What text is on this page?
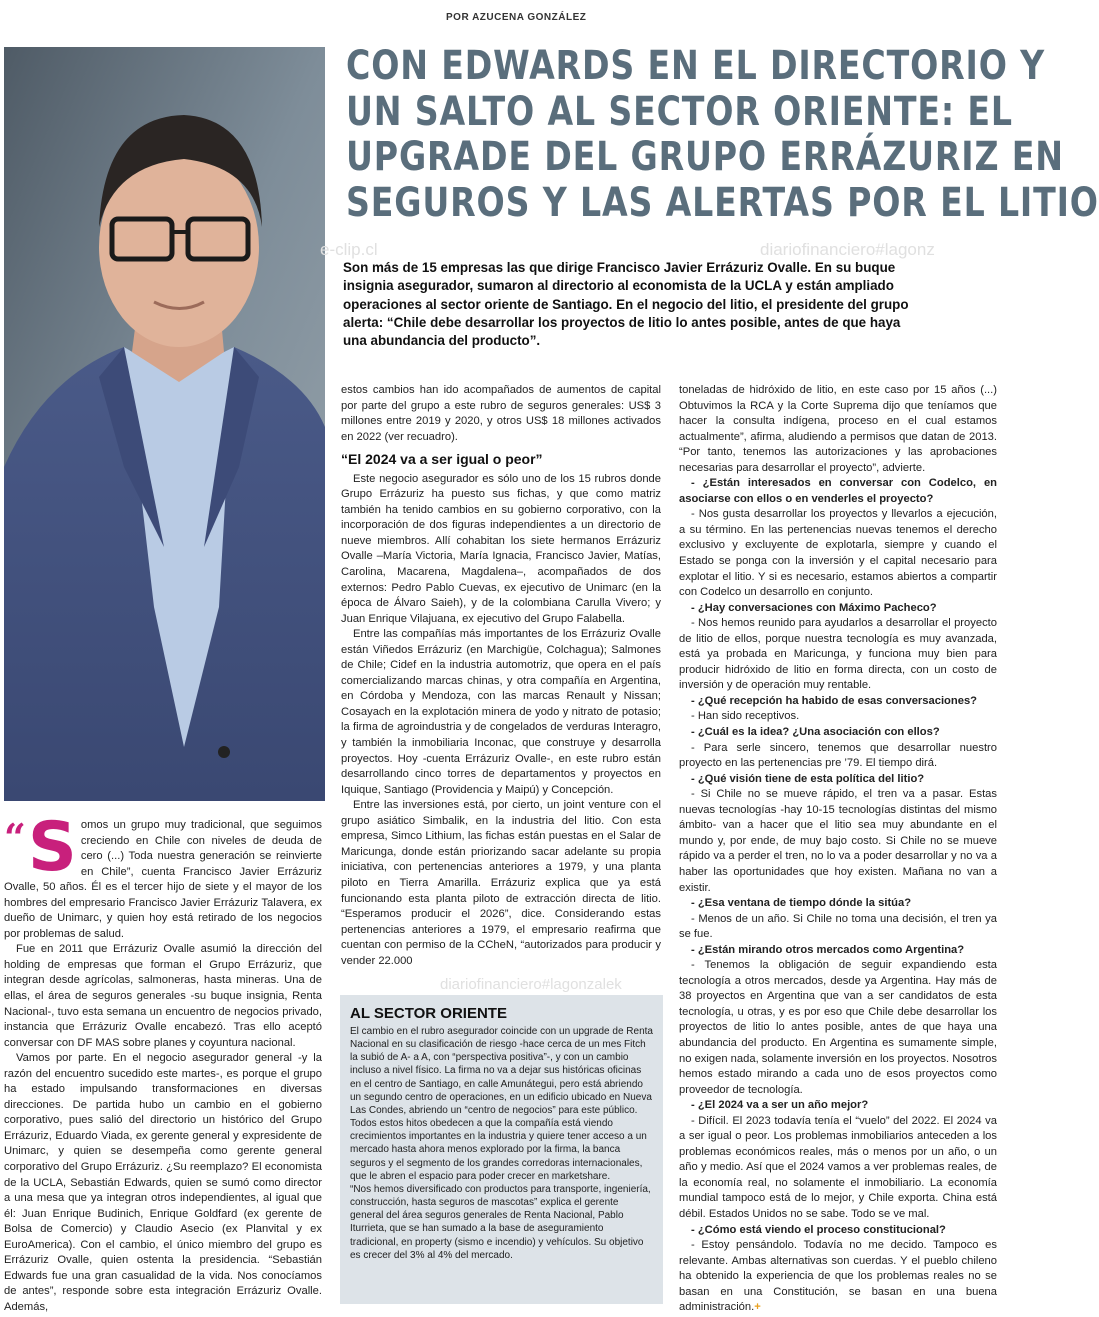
POR AZUCENA GONZÁLEZ
CON EDWARDS EN EL DIRECTORIO Y
UN SALTO AL SECTOR ORIENTE: EL
UPGRADE DEL GRUPO ERRÁZURIZ EN
SEGUROS Y LAS ALERTAS POR EL LITIO
e-clip.cl	diariofinanciero#lagonz
diariofinanciero#lagonzalek
Son más de 15 empresas las que dirige Francisco Javier Errázuriz Ovalle. En su buque insignia asegurador, sumaron al directorio al economista de la UCLA y están ampliado operaciones al sector oriente de Santiago. En el negocio del litio, el presidente del grupo alerta: “Chile debe desarrollar los proyectos de litio lo antes posible, antes de que haya una abundancia del producto”.

“ S omos un grupo muy tradicional, que seguimos creciendo en Chile con niveles de deuda de cero (...) Toda nuestra generación se reinvierte en Chile”, cuenta Francisco Javier Errázuriz Ovalle, 50 años. Él es el tercer hijo de siete y el mayor de los hombres del empresario Francisco Javier Errázuriz Talavera, ex dueño de Unimarc, y quien hoy está retirado de los negocios por problemas de salud.

Fue en 2011 que Errázuriz Ovalle asumió la dirección del holding de empresas que forman el Grupo Errázuriz, que integran desde agrícolas, salmoneras, hasta mineras. Una de ellas, el área de seguros generales -su buque insignia, Renta Nacional-, tuvo esta semana un encuentro de negocios privado, instancia que Errázuriz Ovalle encabezó. Tras ello aceptó conversar con DF MAS sobre planes y coyuntura nacional.

Vamos por parte. En el negocio asegurador general -y la razón del encuentro sucedido este martes-, es porque el grupo ha estado impulsando transformaciones en diversas direcciones. De partida hubo un cambio en el gobierno corporativo, pues salió del directorio un histórico del Grupo Errázuriz, Eduardo Viada, ex gerente general y expresidente de Unimarc, y quien se desempeña como gerente general corporativo del Grupo Errázuriz. ¿Su reemplazo? El economista de la UCLA, Sebastián Edwards, quien se sumó como director a una mesa que ya integran otros independientes, al igual que él: Juan Enrique Budinich, Enrique Goldfard (ex gerente de Bolsa de Comercio) y Claudio Asecio (ex Planvital y ex EuroAmerica). Con el cambio, el único miembro del grupo es Errázuriz Ovalle, quien ostenta la presidencia. “Sebastián Edwards fue una gran casualidad de la vida. Nos conocíamos de antes”, responde sobre esta integración Errázuriz Ovalle. Además,

estos cambios han ido acompañados de aumentos de capital por parte del grupo a este rubro de seguros generales: US$ 3 millones entre 2019 y 2020, y otros US$ 18 millones activados en 2022 (ver recuadro).

“El 2024 va a ser igual o peor”

Este negocio asegurador es sólo uno de los 15 rubros donde Grupo Errázuriz ha puesto sus fichas, y que como matriz también ha tenido cambios en su gobierno corporativo, con la incorporación de dos figuras independientes a un directorio de nueve miembros. Allí cohabitan los siete hermanos Errázuriz Ovalle –María Victoria, María Ignacia, Francisco Javier, Matías, Carolina, Macarena, Magdalena–, acompañados de dos externos: Pedro Pablo Cuevas, ex ejecutivo de Unimarc (en la época de Álvaro Saieh), y de la colombiana Carulla Vivero; y Juan Enrique Vilajuana, ex ejecutivo del Grupo Falabella.

Entre las compañías más importantes de los Errázuriz Ovalle están Viñedos Errázuriz (en Marchigüe, Colchagua); Salmones de Chile; Cidef en la industria automotriz, que opera en el país comercializando marcas chinas, y otra compañía en Argentina, en Córdoba y Mendoza, con las marcas Renault y Nissan; Cosayach en la explotación minera de yodo y nitrato de potasio; la firma de agroindustria y de congelados de verduras Interagro, y también la inmobiliaria Inconac, que construye y desarrolla proyectos. Hoy -cuenta Errázuriz Ovalle-, en este rubro están desarrollando cinco torres de departamentos y proyectos en Iquique, Santiago (Providencia y Maipú) y Concepción.

Entre las inversiones está, por cierto, un joint venture con el grupo asiático Simbalik, en la industria del litio. Con esta empresa, Simco Lithium, las fichas están puestas en el Salar de Maricunga, donde están priorizando sacar adelante su propia iniciativa, con pertenencias anteriores a 1979, y una planta piloto en Tierra Amarilla. Errázuriz explica que ya está funcionando esta planta piloto de extracción directa de litio. “Esperamos producir el 2026”, dice. Considerando estas pertenencias anteriores a 1979, el empresario reafirma que cuentan con permiso de la CChеN, “autorizados para producir y vender 22.000

AL SECTOR ORIENTE

El cambio en el rubro asegurador coincide con un upgrade de Renta Nacional en su clasificación de riesgo -hace cerca de un mes Fitch la subió de A- a A, con “perspectiva positiva”-, y con un cambio incluso a nivel físico. La firma no va a dejar sus históricas oficinas en el centro de Santiago, en calle Amunátegui, pero está abriendo un segundo centro de operaciones, en un edificio ubicado en Nueva Las Condes, abriendo un “centro de negocios” para este público.

Todos estos hitos obedecen a que la compañía está viendo crecimientos importantes en la industria y quiere tener acceso a un mercado hasta ahora menos explorado por la firma, la banca seguros y el segmento de los grandes corredoras internacionales, que le abren el espacio para poder crecer en marketshare.

“Nos hemos diversificado con productos para transporte, ingeniería, construcción, hasta seguros de mascotas” explica el gerente general del área seguros generales de Renta Nacional, Pablo Iturrieta, que se han sumado a la base de aseguramiento tradicional, en property (sismo e incendio) y vehículos. Su objetivo es crecer del 3% al 4% del mercado.

toneladas de hidróxido de litio, en este caso por 15 años (...) Obtuvimos la RCA y la Corte Suprema dijo que teníamos que hacer la consulta indígena, proceso en el cual estamos actualmente”, afirma, aludiendo a permisos que datan de 2013. “Por tanto, tenemos las autorizaciones y las aprobaciones necesarias para desarrollar el proyecto”, advierte.

- ¿Están interesados en conversar con Codelco, en asociarse con ellos o en venderles el proyecto?

- Nos gusta desarrollar los proyectos y llevarlos a ejecución, a su término. En las pertenencias nuevas tenemos el derecho exclusivo y excluyente de explotarla, siempre y cuando el Estado se ponga con la inversión y el capital necesario para explotar el litio. Y si es necesario, estamos abiertos a compartir con Codelco un desarrollo en conjunto.

- ¿Hay conversaciones con Máximo Pacheco?

- Nos hemos reunido para ayudarlos a desarrollar el proyecto de litio de ellos, porque nuestra tecnología es muy avanzada, está ya probada en Maricunga, y funciona muy bien para producir hidróxido de litio en forma directa, con un costo de inversión y de operación muy rentable.

- ¿Qué recepción ha habido de esas conversaciones?

- Han sido receptivos.

- ¿Cuál es la idea? ¿Una asociación con ellos?

- Para serle sincero, tenemos que desarrollar nuestro proyecto en las pertenencias pre ’79. El tiempo dirá.

- ¿Qué visión tiene de esta política del litio?

- Si Chile no se mueve rápido, el tren va a pasar. Estas nuevas tecnologías -hay 10-15 tecnologías distintas del mismo ámbito- van a hacer que el litio sea muy abundante en el mundo y, por ende, de muy bajo costo. Si Chile no se mueve rápido va a perder el tren, no lo va a poder desarrollar y no va a haber las oportunidades que hoy existen. Mañana no van a existir.

- ¿Esa ventana de tiempo dónde la sitúa?

- Menos de un año. Si Chile no toma una decisión, el tren ya se fue.

- ¿Están mirando otros mercados como Argentina?

- Tenemos la obligación de seguir expandiendo esta tecnología a otros mercados, desde ya Argentina. Hay más de 38 proyectos en Argentina que van a ser candidatos de esta tecnología, u otras, y es por eso que Chile debe desarrollar los proyectos de litio lo antes posible, antes de que haya una abundancia del producto. En Argentina es sumamente simple, no exigen nada, solamente inversión en los proyectos. Nosotros hemos estado mirando a cada uno de esos proyectos como proveedor de tecnología.

- ¿El 2024 va a ser un año mejor?

- Difícil. El 2023 todavía tenía el “vuelo” del 2022. El 2024 va a ser igual o peor. Los problemas inmobiliarios anteceden a los problemas económicos reales, más o menos por un año, o un año y medio. Así que el 2024 vamos a ver problemas reales, de la economía real, no solamente el inmobiliario. La economía mundial tampoco está de lo mejor, y Chile exporta. China está débil. Estados Unidos no se sabe. Todo se ve mal.

- ¿Cómo está viendo el proceso constitucional?

- Estoy pensándolo. Todavía no me decido. Tampoco es relevante. Ambas alternativas son cuerdas. Y el pueblo chileno ha obtenido la experiencia de que los problemas reales no se basan en una Constitución, se basan en una buena administración.+
